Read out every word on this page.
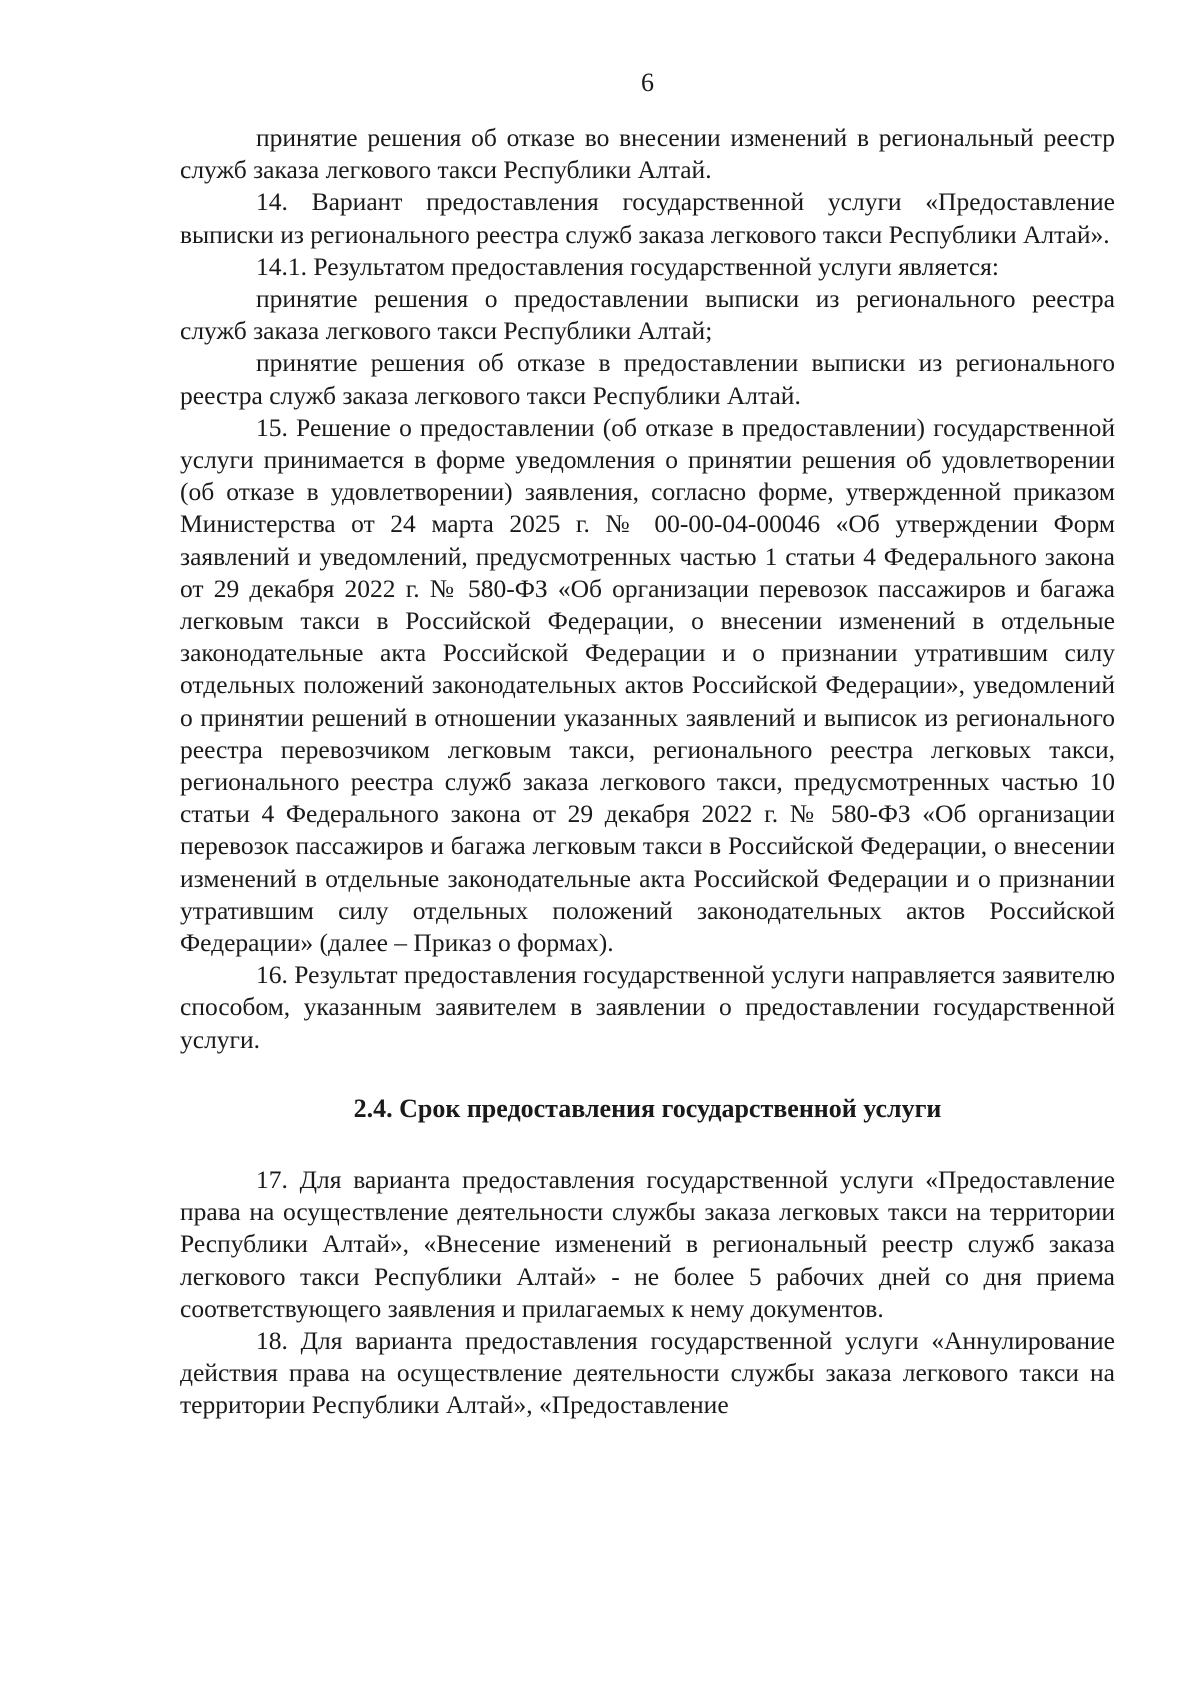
6

принятие решения об отказе во внесении изменений в региональный реестр служб заказа легкового такси Республики Алтай.

14. Вариант предоставления государственной услуги «Предоставление выписки из регионального реестра служб заказа легкового такси Республики Алтай».

14.1. Результатом предоставления государственной услуги является:

принятие решения о предоставлении выписки из регионального реестра служб заказа легкового такси Республики Алтай;

принятие решения об отказе в предоставлении выписки из регионального реестра служб заказа легкового такси Республики Алтай.

15. Решение о предоставлении (об отказе в предоставлении) государственной услуги принимается в форме уведомления о принятии решения об удовлетворении (об отказе в удовлетворении) заявления, согласно форме, утвержденной приказом Министерства от 24 марта 2025 г. № 00-00-04-00046 «Об утверждении Форм заявлений и уведомлений, предусмотренных частью 1 статьи 4 Федерального закона от 29 декабря 2022 г. № 580-ФЗ «Об организации перевозок пассажиров и багажа легковым такси в Российской Федерации, о внесении изменений в отдельные законодательные акта Российской Федерации и о признании утратившим силу отдельных положений законодательных актов Российской Федерации», уведомлений о принятии решений в отношении указанных заявлений и выписок из регионального реестра перевозчиком легковым такси, регионального реестра легковых такси, регионального реестра служб заказа легкового такси, предусмотренных частью 10 статьи 4 Федерального закона от 29 декабря 2022 г. № 580-ФЗ «Об организации перевозок пассажиров и багажа легковым такси в Российской Федерации, о внесении изменений в отдельные законодательные акта Российской Федерации и о признании утратившим силу отдельных положений законодательных актов Российской Федерации» (далее – Приказ о формах).

16. Результат предоставления государственной услуги направляется заявителю способом, указанным заявителем в заявлении о предоставлении государственной услуги.

2.4. Срок предоставления государственной услуги

17. Для варианта предоставления государственной услуги «Предоставление права на осуществление деятельности службы заказа легковых такси на территории Республики Алтай», «Внесение изменений в региональный реестр служб заказа легкового такси Республики Алтай» - не более 5 рабочих дней со дня приема соответствующего заявления и прилагаемых к нему документов.

18. Для варианта предоставления государственной услуги «Аннулирование действия права на осуществление деятельности службы заказа легкового такси на территории Республики Алтай», «Предоставление
